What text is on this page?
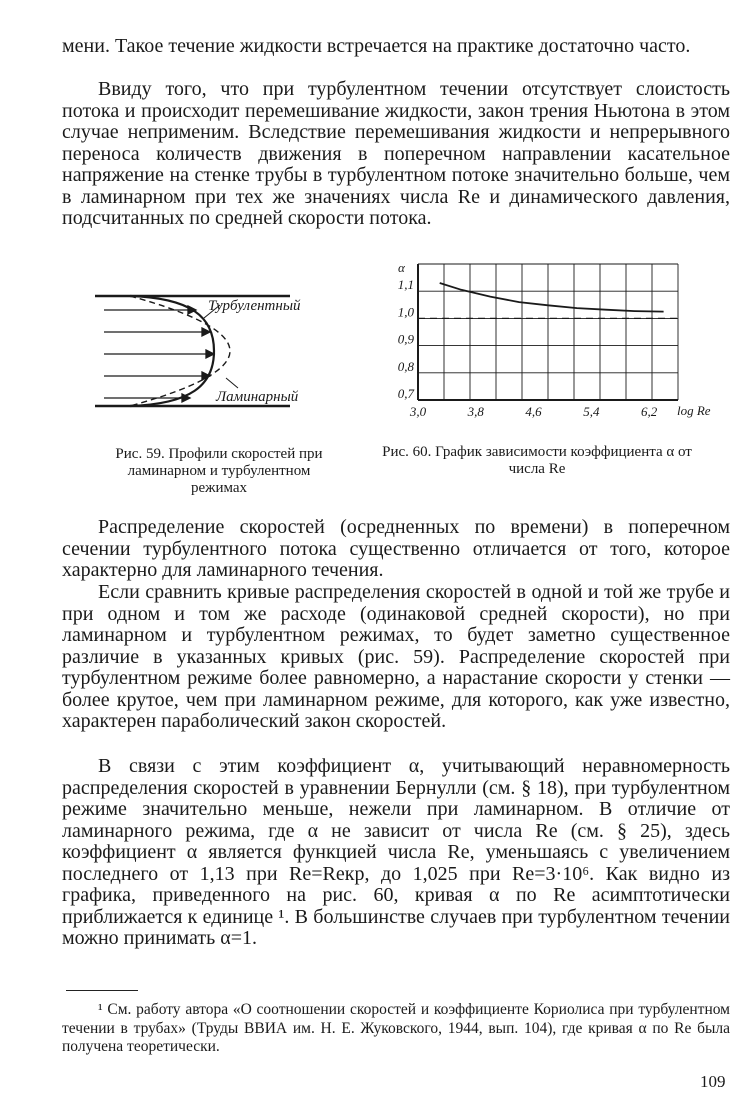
мени. Такое течение жидкости встречается на практике достаточно часто.

Ввиду того, что при турбулентном течении отсутствует слоистость потока и происходит перемешивание жидкости, закон трения Ньютона в этом случае неприменим. Вследствие перемешивания жидкости и непрерывного переноса количеств движения в поперечном направлении касательное напряжение на стенке трубы в турбулентном потоке значительно больше, чем в ламинарном при тех же значениях числа Re и динамического давления, подсчитанных по средней скорости потока.

Турбулентный
Ламинарный	0,7
0,8
0,9
1,0
1,1
3,0	3,8	4,6	5,4	6,2
α
log Re

Рис. 59. Профили скоростей при ламинарном и турбулентном режимах

Рис. 60. График зависимости коэффициента α от числа Re

Распределение скоростей (осредненных по времени) в поперечном сечении турбулентного потока существенно отличается от того, которое характерно для ламинарного течения.

Если сравнить кривые распределения скоростей в одной и той же трубе и при одном и том же расходе (одинаковой средней скорости), но при ламинарном и турбулентном режимах, то будет заметно существенное различие в указанных кривых (рис. 59). Распределение скоростей при турбулентном режиме более равномерно, а нарастание скорости у стенки — более крутое, чем при ламинарном режиме, для которого, как уже известно, характерен параболический закон скоростей.

В связи с этим коэффициент α, учитывающий неравномерность распределения скоростей в уравнении Бернулли (см. § 18), при турбулентном режиме значительно меньше, нежели при ламинарном. В отличие от ламинарного режима, где α не зависит от числа Re (см. § 25), здесь коэффициент α является функцией числа Re, уменьшаясь с увеличением последнего от 1,13 при Re=Reкр, до 1,025 при Re=3·10⁶. Как видно из графика, приведенного на рис. 60, кривая α по Re асимптотически приближается к единице ¹. В большинстве случаев при турбулентном течении можно принимать α=1.

¹ См. работу автора «О соотношении скоростей и коэффициенте Кориолиса при турбулентном течении в трубах» (Труды ВВИА им. Н. Е. Жуковского, 1944, вып. 104), где кривая α по Re была получена теоретически.

109
